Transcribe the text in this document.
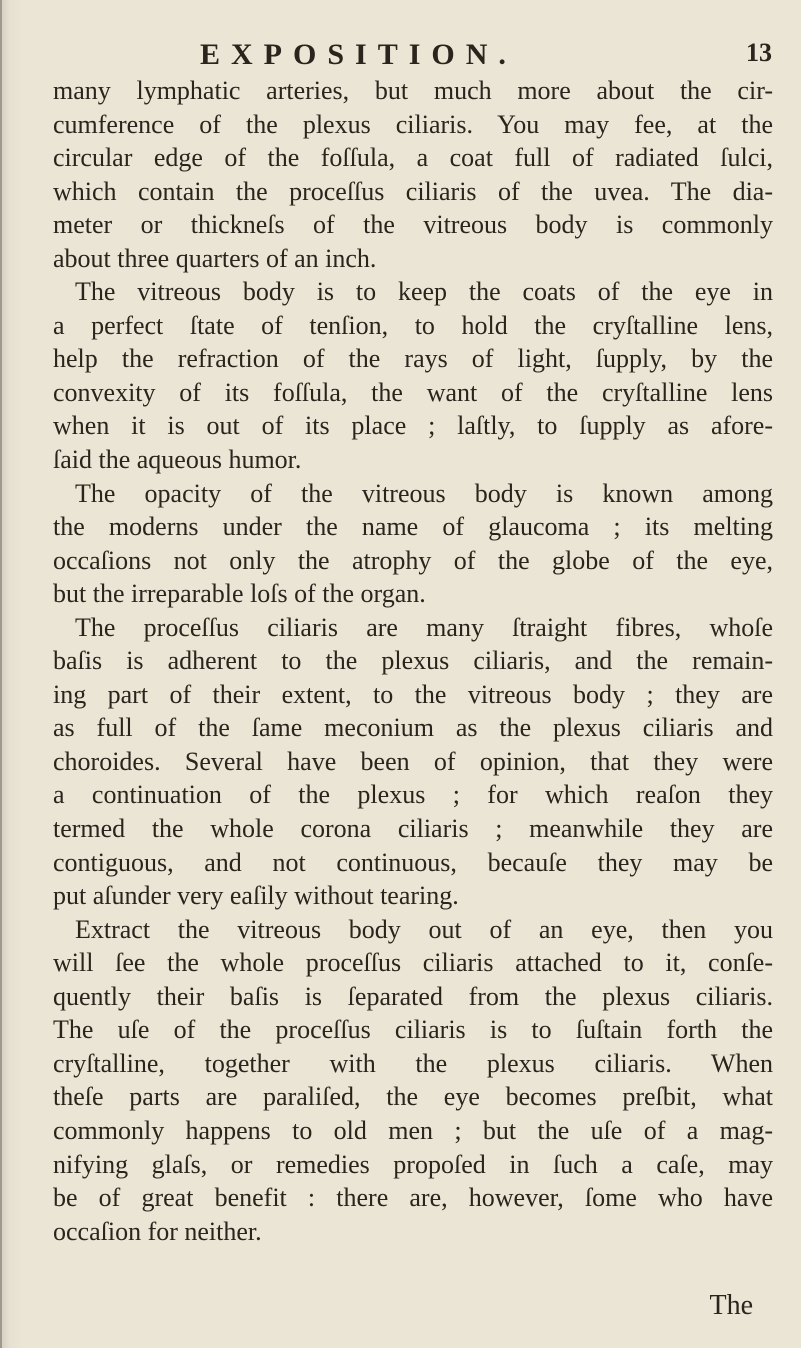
EXPOSITION.	13
many lymphatic arteries, but much more about the cir-
cumference of the plexus ciliaris. You may fee, at the
circular edge of the foſſula, a coat full of radiated ſulci,
which contain the proceſſus ciliaris of the uvea. The dia-
meter or thickneſs of the vitreous body is commonly
about three quarters of an inch.
The vitreous body is to keep the coats of the eye in
a perfect ſtate of tenſion, to hold the cryſtalline lens,
help the refraction of the rays of light, ſupply, by the
convexity of its foſſula, the want of the cryſtalline lens
when it is out of its place ; laſtly, to ſupply as afore-
ſaid the aqueous humor.
The opacity of the vitreous body is known among
the moderns under the name of glaucoma ; its melting
occaſions not only the atrophy of the globe of the eye,
but the irreparable loſs of the organ.
The proceſſus ciliaris are many ſtraight fibres, whoſe
baſis is adherent to the plexus ciliaris, and the remain-
ing part of their extent, to the vitreous body ; they are
as full of the ſame meconium as the plexus ciliaris and
choroides. Several have been of opinion, that they were
a continuation of the plexus ; for which reaſon they
termed the whole corona ciliaris ; meanwhile they are
contiguous, and not continuous, becauſe they may be
put aſunder very eaſily without tearing.
Extract the vitreous body out of an eye, then you
will ſee the whole proceſſus ciliaris attached to it, conſe-
quently their baſis is ſeparated from the plexus ciliaris.
The uſe of the proceſſus ciliaris is to ſuſtain forth the
cryſtalline, together with the plexus ciliaris. When
theſe parts are paraliſed, the eye becomes preſbit, what
commonly happens to old men ; but the uſe of a mag-
nifying glaſs, or remedies propoſed in ſuch a caſe, may
be of great benefit : there are, however, ſome who have
occaſion for neither.
The
